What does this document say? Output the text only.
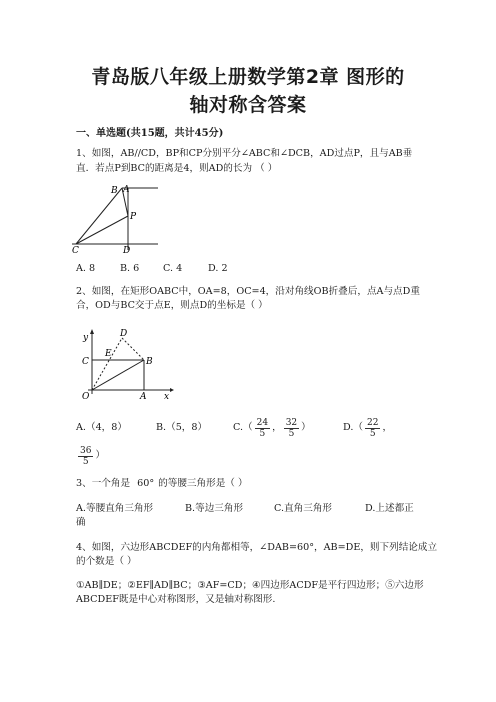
青岛版八年级上册数学第2章 图形的
轴对称含答案
一、单选题(共15题，共计45分)
1、如图，AB//CD，BP和CP分别平分∠ABC和∠DCB，AD过点P，且与AB垂
直．若点P到BC的距离是4，则AD的长为 （ ）
B A
P
C	D
A. 8	B. 6 C. 4	D. 2
2、如图，在矩形OABC中，OA=8，OC=4，沿对角线OB折叠后，点A与点D重
合，OD与BC交于点E，则点D的坐标是（ ）
D
y
E
C	B
O	A x
A.（4，8）	B.（5，8）	$C.( \frac{24}{5}$ ， $\frac{32}{5}$ ）	$D.( \frac{22}{5}$ ，
$\frac{36}{5}$ ）
3、一个角是 60° 的等腰三角形是（ ）
A.等腰直角三角形	B.等边三角形	C.直角三角形	D.上述都正
确
4、如图，六边形ABCDEF的内角都相等，∠DAB=60°，AB=DE，则下列结论成立
的个数是（ ）
①AB∥DE；②EF∥AD∥BC；③AF=CD；④四边形ACDF是平行四边形；⑤六边形
ABCDEF既是中心对称图形，又是轴对称图形.
